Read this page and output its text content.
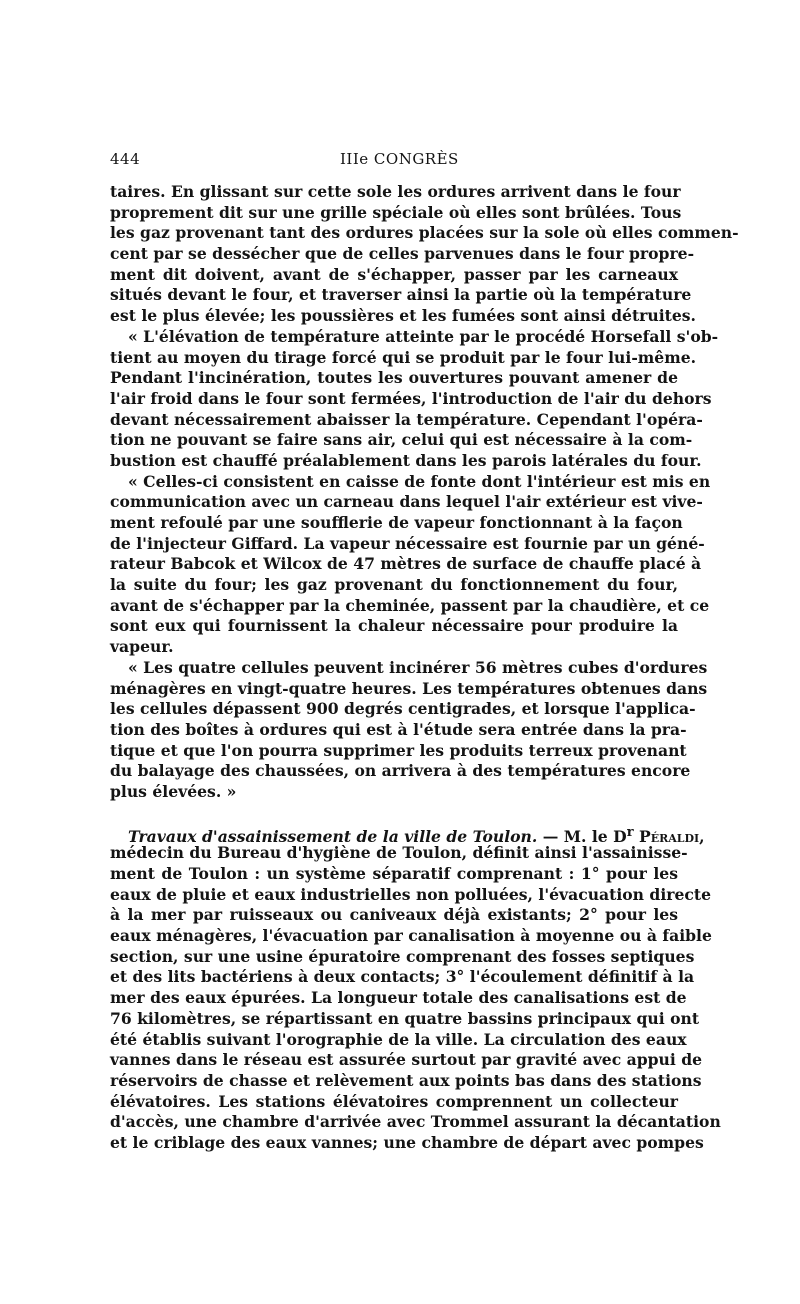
444	IIIe CONGRÈS
taires. En glissant sur cette sole les ordures arrivent dans le four
proprement dit sur une grille spéciale où elles sont brûlées. Tous
les gaz provenant tant des ordures placées sur la sole où elles commen-
cent par se dessécher que de celles parvenues dans le four propre-
ment dit doivent, avant de s'échapper, passer par les carneaux
situés devant le four, et traverser ainsi la partie où la température
est le plus élevée; les poussières et les fumées sont ainsi détruites.
« L'élévation de température atteinte par le procédé Horsefall s'ob-
tient au moyen du tirage forcé qui se produit par le four lui-même.
Pendant l'incinération, toutes les ouvertures pouvant amener de
l'air froid dans le four sont fermées, l'introduction de l'air du dehors
devant nécessairement abaisser la température. Cependant l'opéra-
tion ne pouvant se faire sans air, celui qui est nécessaire à la com-
bustion est chauffé préalablement dans les parois latérales du four.
« Celles-ci consistent en caisse de fonte dont l'intérieur est mis en
communication avec un carneau dans lequel l'air extérieur est vive-
ment refoulé par une soufflerie de vapeur fonctionnant à la façon
de l'injecteur Giffard. La vapeur nécessaire est fournie par un géné-
rateur Babcok et Wilcox de 47 mètres de surface de chauffe placé à
la suite du four; les gaz provenant du fonctionnement du four,
avant de s'échapper par la cheminée, passent par la chaudière, et ce
sont eux qui fournissent la chaleur nécessaire pour produire la
vapeur.
« Les quatre cellules peuvent incinérer 56 mètres cubes d'ordures
ménagères en vingt-quatre heures. Les températures obtenues dans
les cellules dépassent 900 degrés centigrades, et lorsque l'applica-
tion des boîtes à ordures qui est à l'étude sera entrée dans la pra-
tique et que l'on pourra supprimer les produits terreux provenant
du balayage des chaussées, on arrivera à des températures encore
plus élevées. »
Travaux d'assainissement de la ville de Toulon. — M. le $D^r$ Péraldi,
médecin du Bureau d'hygiène de Toulon, définit ainsi l'assainisse-
ment de Toulon : un système séparatif comprenant : 1° pour les
eaux de pluie et eaux industrielles non polluées, l'évacuation directe
à la mer par ruisseaux ou caniveaux déjà existants; 2° pour les
eaux ménagères, l'évacuation par canalisation à moyenne ou à faible
section, sur une usine épuratoire comprenant des fosses septiques
et des lits bactériens à deux contacts; 3° l'écoulement définitif à la
mer des eaux épurées. La longueur totale des canalisations est de
76 kilomètres, se répartissant en quatre bassins principaux qui ont
été établis suivant l'orographie de la ville. La circulation des eaux
vannes dans le réseau est assurée surtout par gravité avec appui de
réservoirs de chasse et relèvement aux points bas dans des stations
élévatoires. Les stations élévatoires comprennent un collecteur
d'accès, une chambre d'arrivée avec Trommel assurant la décantation
et le criblage des eaux vannes; une chambre de départ avec pompes
